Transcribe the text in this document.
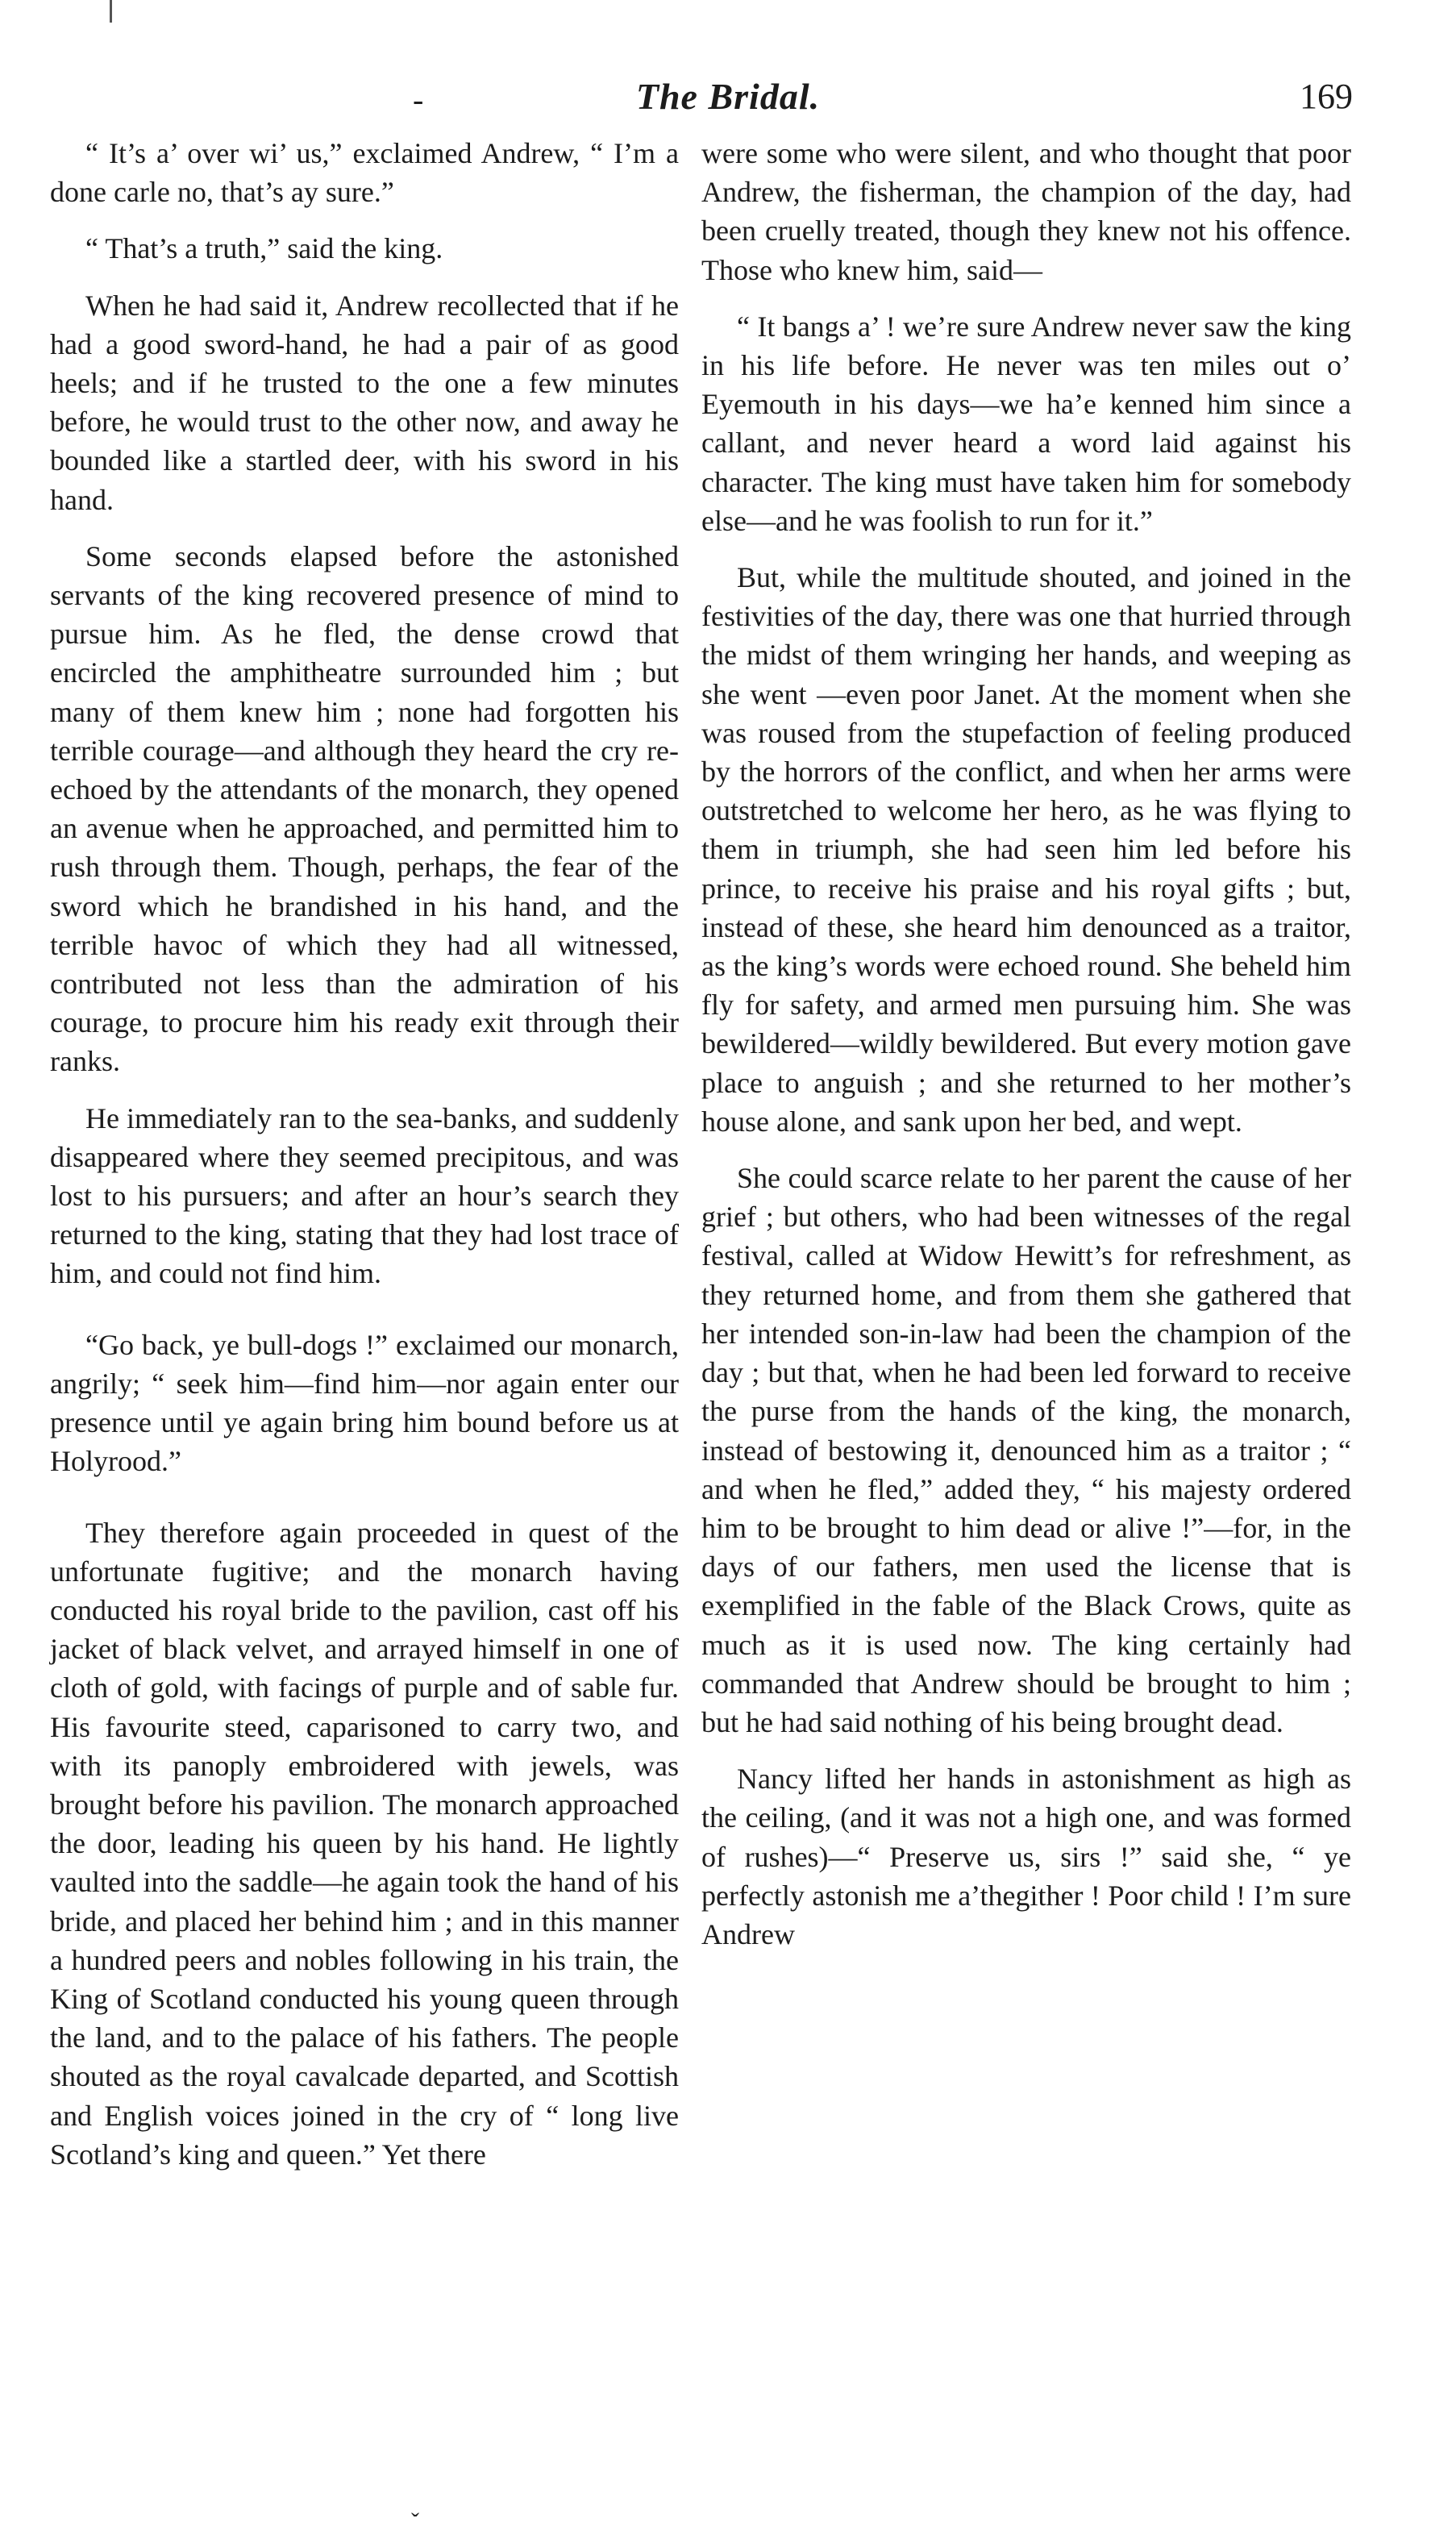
-	The Bridal.	169

“ It’s a’ over wi’ us,” exclaimed Andrew, “ I’m a done carle no, that’s ay sure.”

“ That’s a truth,” said the king.

When he had said it, Andrew recollected that if he had a good sword-hand, he had a pair of as good heels; and if he trusted to the one a few minutes before, he would trust to the other now, and away he bounded like a startled deer, with his sword in his hand.

Some seconds elapsed before the astonished servants of the king recovered presence of mind to pursue him. As he fled, the dense crowd that encircled the amphitheatre surrounded him ; but many of them knew him ; none had forgotten his terrible courage—and although they heard the cry re-echoed by the attendants of the monarch, they opened an avenue when he approached, and permitted him to rush through them. Though, perhaps, the fear of the sword which he brandished in his hand, and the terrible havoc of which they had all witnessed, contributed not less than the admiration of his courage, to procure him his ready exit through their ranks.

He immediately ran to the sea-banks, and suddenly disappeared where they seemed precipitous, and was lost to his pursuers; and after an hour’s search they returned to the king, stating that they had lost trace of him, and could not find him.

“Go back, ye bull-dogs !” exclaimed our monarch, angrily; “ seek him—find him—nor again enter our presence until ye again bring him bound before us at Holyrood.”

They therefore again proceeded in quest of the unfortunate fugitive; and the monarch having conducted his royal bride to the pavilion, cast off his jacket of black velvet, and arrayed himself in one of cloth of gold, with facings of purple and of sable fur. His favourite steed, caparisoned to carry two, and with its panoply embroidered with jewels, was brought before his pavilion. The monarch approached the door, leading his queen by his hand. He lightly vaulted into the saddle—he again took the hand of his bride, and placed her behind him ; and in this manner a hundred peers and nobles following in his train, the King of Scotland conducted his young queen through the land, and to the palace of his fathers. The people shouted as the royal cavalcade departed, and Scottish and English voices joined in the cry of “ long live Scotland’s king and queen.” Yet there

were some who were silent, and who thought that poor Andrew, the fisherman, the champion of the day, had been cruelly treated, though they knew not his offence. Those who knew him, said—

“ It bangs a’ ! we’re sure Andrew never saw the king in his life before. He never was ten miles out o’ Eyemouth in his days—we ha’e kenned him since a callant, and never heard a word laid against his character. The king must have taken him for somebody else—and he was foolish to run for it.”

But, while the multitude shouted, and joined in the festivities of the day, there was one that hurried through the midst of them wringing her hands, and weeping as she went —even poor Janet. At the moment when she was roused from the stupefaction of feeling produced by the horrors of the conflict, and when her arms were outstretched to welcome her hero, as he was flying to them in triumph, she had seen him led before his prince, to receive his praise and his royal gifts ; but, instead of these, she heard him denounced as a traitor, as the king’s words were echoed round. She beheld him fly for safety, and armed men pursuing him. She was bewildered—wildly bewildered. But every motion gave place to anguish ; and she returned to her mother’s house alone, and sank upon her bed, and wept.

She could scarce relate to her parent the cause of her grief ; but others, who had been witnesses of the regal festival, called at Widow Hewitt’s for refreshment, as they returned home, and from them she gathered that her intended son-in-law had been the champion of the day ; but that, when he had been led forward to receive the purse from the hands of the king, the monarch, instead of bestowing it, denounced him as a traitor ; “ and when he fled,” added they, “ his majesty ordered him to be brought to him dead or alive !”—for, in the days of our fathers, men used the license that is exemplified in the fable of the Black Crows, quite as much as it is used now. The king certainly had commanded that Andrew should be brought to him ; but he had said nothing of his being brought dead.

Nancy lifted her hands in astonishment as high as the ceiling, (and it was not a high one, and was formed of rushes)—“ Preserve us, sirs !” said she, “ ye perfectly astonish me a’thegither ! Poor child ! I’m sure Andrew

ˇ
